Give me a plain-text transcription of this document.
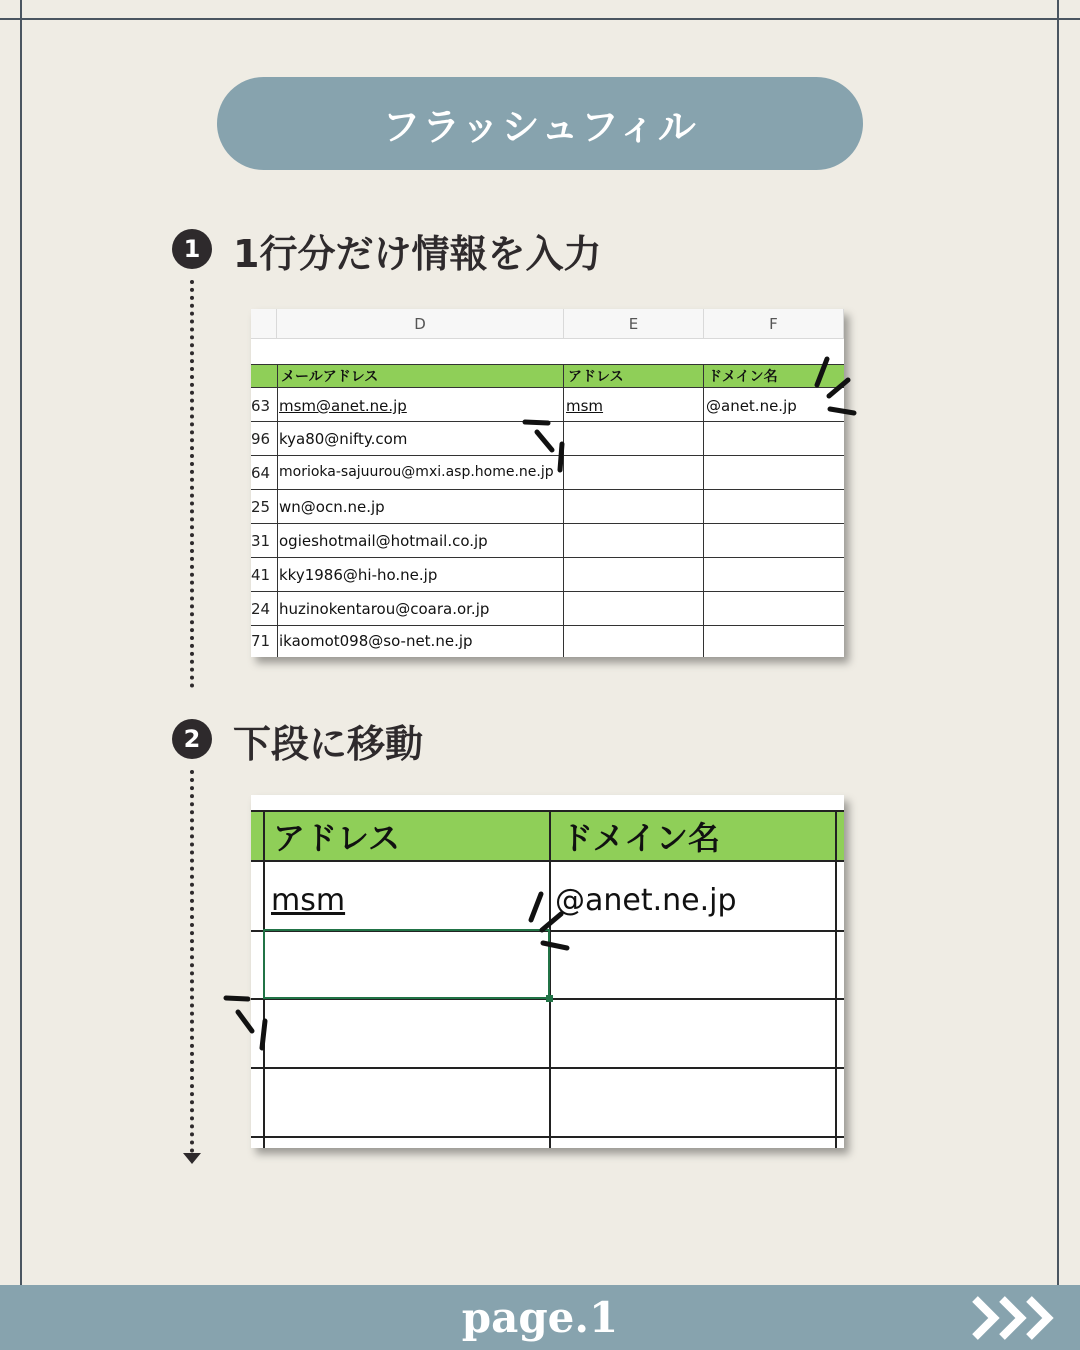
フラッシュフィル
1 1行分だけ情報を入力
D	E	F
メールアドレス	アドレス	ドメイン名
63 msm@anet.ne.jp	msm	@anet.ne.jp
96 kya80@nifty.com
64 morioka-sajuurou@mxi.asp.home.ne.jp
25 wn@ocn.ne.jp
31 ogieshotmail@hotmail.co.jp
41 kky1986@hi-ho.ne.jp
24 huzinokentarou@coara.or.jp
71 ikaomot098@so-net.ne.jp
2 下段に移動
アドレス	ドメイン名
msm	@anet.ne.jp
page.1
